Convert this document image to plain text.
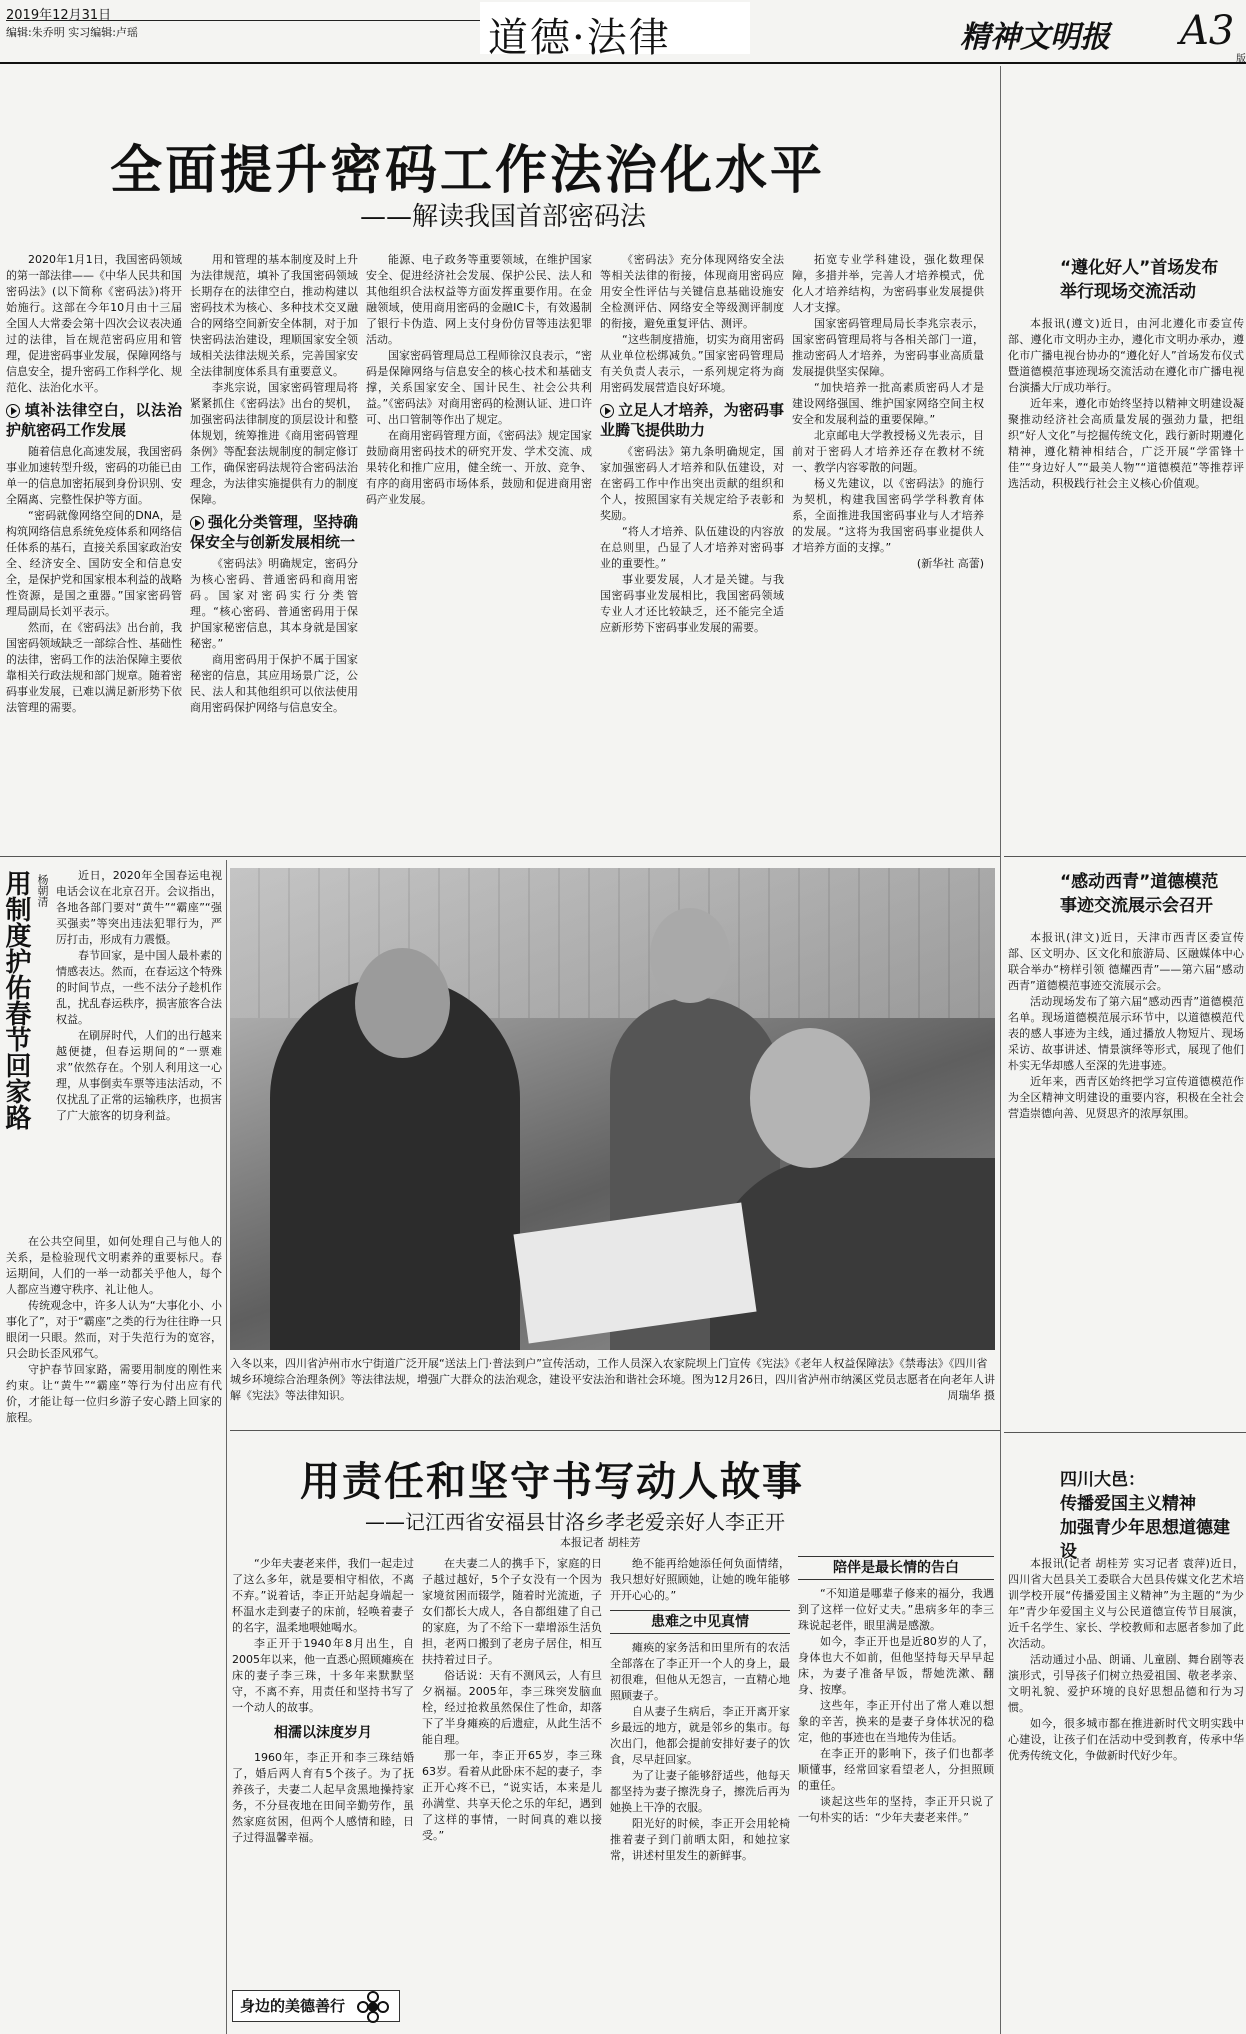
2019年12月31日
编辑:朱乔明 实习编辑:卢瑶	道德·法律	精神文明报 A3
版
全面提升密码工作法治化水平
——解读我国首部密码法

2020年1月1日，我国密码领域的第一部法律——《中华人民共和国密码法》(以下简称《密码法》)将开始施行。这部在今年10月由十三届全国人大常委会第十四次会议表决通过的法律，旨在规范密码应用和管理，促进密码事业发展，保障网络与信息安全，提升密码工作科学化、规范化、法治化水平。

填补法律空白，以法治护航密码工作发展

随着信息化高速发展，我国密码事业加速转型升级，密码的功能已由单一的信息加密拓展到身份识别、安全隔离、完整性保护等方面。

“密码就像网络空间的DNA，是构筑网络信息系统免疫体系和网络信任体系的基石，直接关系国家政治安全、经济安全、国防安全和信息安全，是保护党和国家根本利益的战略性资源，是国之重器。”国家密码管理局副局长刘平表示。

然而，在《密码法》出台前，我国密码领域缺乏一部综合性、基础性的法律，密码工作的法治保障主要依靠相关行政法规和部门规章。随着密码事业发展，已难以满足新形势下依法管理的需要。

用和管理的基本制度及时上升为法律规范，填补了我国密码领域长期存在的法律空白，推动构建以密码技术为核心、多种技术交叉融合的网络空间新安全体制，对于加快密码法治建设，理顺国家安全领域相关法律法规关系，完善国家安全法律制度体系具有重要意义。

李兆宗说，国家密码管理局将紧紧抓住《密码法》出台的契机，加强密码法律制度的顶层设计和整体规划，统筹推进《商用密码管理条例》等配套法规制度的制定修订工作，确保密码法规符合密码法治理念，为法律实施提供有力的制度保障。

强化分类管理，坚持确保安全与创新发展相统一

《密码法》明确规定，密码分为核心密码、普通密码和商用密码。国家对密码实行分类管理。“核心密码、普通密码用于保护国家秘密信息，其本身就是国家秘密。”

商用密码用于保护不属于国家秘密的信息，其应用场景广泛，公民、法人和其他组织可以依法使用商用密码保护网络与信息安全。

能源、电子政务等重要领域，在维护国家安全、促进经济社会发展、保护公民、法人和其他组织合法权益等方面发挥重要作用。在金融领域，使用商用密码的金融IC卡，有效遏制了银行卡伪造、网上支付身份仿冒等违法犯罪活动。

国家密码管理局总工程师徐汉良表示，“密码是保障网络与信息安全的核心技术和基础支撑，关系国家安全、国计民生、社会公共利益。”《密码法》对商用密码的检测认证、进口许可、出口管制等作出了规定。

在商用密码管理方面，《密码法》规定国家鼓励商用密码技术的研究开发、学术交流、成果转化和推广应用，健全统一、开放、竞争、有序的商用密码市场体系，鼓励和促进商用密码产业发展。

《密码法》充分体现网络安全法等相关法律的衔接，体现商用密码应用安全性评估与关键信息基础设施安全检测评估、网络安全等级测评制度的衔接，避免重复评估、测评。

“这些制度措施，切实为商用密码从业单位松绑减负。”国家密码管理局有关负责人表示，一系列规定将为商用密码发展营造良好环境。

立足人才培养，为密码事业腾飞提供助力

《密码法》第九条明确规定，国家加强密码人才培养和队伍建设，对在密码工作中作出突出贡献的组织和个人，按照国家有关规定给予表彰和奖励。

“将人才培养、队伍建设的内容放在总则里，凸显了人才培养对密码事业的重要性。”

事业要发展，人才是关键。与我国密码事业发展相比，我国密码领域专业人才还比较缺乏，还不能完全适应新形势下密码事业发展的需要。

拓宽专业学科建设，强化数理保障，多措并举，完善人才培养模式，优化人才培养结构，为密码事业发展提供人才支撑。

国家密码管理局局长李兆宗表示，国家密码管理局将与各相关部门一道，推动密码人才培养，为密码事业高质量发展提供坚实保障。

“加快培养一批高素质密码人才是建设网络强国、维护国家网络空间主权安全和发展利益的重要保障。”

北京邮电大学教授杨义先表示，目前对于密码人才培养还存在教材不统一、教学内容零散的问题。

杨义先建议，以《密码法》的施行为契机，构建我国密码学学科教育体系，全面推进我国密码事业与人才培养的发展。“这将为我国密码事业提供人才培养方面的支撑。”

(新华社 高蕾)

用制度护佑春节回家路 杨朝清	近日，2020年全国春运电视电话会议在北京召开。会议指出，各地各部门要对“黄牛”“霸座”“强买强卖”等突出违法犯罪行为，严厉打击，形成有力震慑。

春节回家，是中国人最朴素的情感表达。然而，在春运这个特殊的时间节点，一些不法分子趁机作乱，扰乱春运秩序，损害旅客合法权益。

在刷屏时代，人们的出行越来越便捷，但春运期间的“一票难求”依然存在。个别人利用这一心理，从事倒卖车票等违法活动，不仅扰乱了正常的运输秩序，也损害了广大旅客的切身利益。

在公共空间里，如何处理自己与他人的关系，是检验现代文明素养的重要标尺。春运期间，人们的一举一动都关乎他人，每个人都应当遵守秩序、礼让他人。

传统观念中，许多人认为“大事化小、小事化了”，对于“霸座”之类的行为往往睁一只眼闭一只眼。然而，对于失范行为的宽容，只会助长歪风邪气。

守护春节回家路，需要用制度的刚性来约束。让“黄牛”“霸座”等行为付出应有代价，才能让每一位归乡游子安心踏上回家的旅程。

入冬以来，四川省泸州市水宁街道广泛开展“送法上门·普法到户”宣传活动，工作人员深入农家院坝上门宣传《宪法》《老年人权益保障法》《禁毒法》《四川省城乡环境综合治理条例》等法律法规，增强广大群众的法治观念，建设平安法治和谐社会环境。图为12月26日，四川省泸州市纳溪区党员志愿者在向老年人讲解《宪法》等法律知识。	周瑞华 摄
用责任和坚守书写动人故事
——记江西省安福县甘洛乡孝老爱亲好人李正开
本报记者 胡桂芳

“少年夫妻老来伴，我们一起走过了这么多年，就是要相守相依，不离不弃。”说着话，李正开站起身端起一杯温水走到妻子的床前，轻唤着妻子的名字，温柔地喂她喝水。

李正开于1940年8月出生，自2005年以来，他一直悉心照顾瘫痪在床的妻子李三珠，十多年来默默坚守，不离不弃，用责任和坚持书写了一个动人的故事。

相濡以沫度岁月

1960年，李正开和李三珠结婚了，婚后两人育有5个孩子。为了抚养孩子，夫妻二人起早贪黑地操持家务，不分昼夜地在田间辛勤劳作，虽然家庭贫困，但两个人感情和睦，日子过得温馨幸福。

在夫妻二人的携手下，家庭的日子越过越好，5个子女没有一个因为家境贫困而辍学，随着时光流逝，子女们都长大成人，各自都组建了自己的家庭，为了不给下一辈增添生活负担，老两口搬到了老房子居住，相互扶持着过日子。

俗话说：天有不测风云，人有旦夕祸福。2005年，李三珠突发脑血栓，经过抢救虽然保住了性命，却落下了半身瘫痪的后遗症，从此生活不能自理。

那一年，李正开65岁，李三珠63岁。看着从此卧床不起的妻子，李正开心疼不已，“说实话，本来是儿孙满堂、共享天伦之乐的年纪，遇到了这样的事情，一时间真的难以接受。”

绝不能再给她添任何负面情绪，我只想好好照顾她，让她的晚年能够开开心心的。”

患难之中见真情

瘫痪的家务活和田里所有的农活全部落在了李正开一个人的身上，最初很难，但他从无怨言，一直精心地照顾妻子。

自从妻子生病后，李正开离开家乡最远的地方，就是邻乡的集市。每次出门，他都会提前安排好妻子的饮食，尽早赶回家。

为了让妻子能够舒适些，他每天都坚持为妻子擦洗身子，擦洗后再为她换上干净的衣服。

阳光好的时候，李正开会用轮椅推着妻子到门前晒太阳，和她拉家常，讲述村里发生的新鲜事。

陪伴是最长情的告白

“不知道是哪辈子修来的福分，我遇到了这样一位好丈夫。”患病多年的李三珠说起老伴，眼里满是感激。

如今，李正开也是近80岁的人了，身体也大不如前，但他坚持每天早早起床，为妻子准备早饭，帮她洗漱、翻身、按摩。

这些年，李正开付出了常人难以想象的辛苦，换来的是妻子身体状况的稳定，他的事迹也在当地传为佳话。

在李正开的影响下，孩子们也都孝顺懂事，经常回家看望老人，分担照顾的重任。

谈起这些年的坚持，李正开只说了一句朴实的话：“少年夫妻老来伴。”

身边的美德善行
“遵化好人”首场发布
举行现场交流活动

本报讯(遵文)近日，由河北遵化市委宣传部、遵化市文明办主办，遵化市文明办承办，遵化市广播电视台协办的“遵化好人”首场发布仪式暨道德模范事迹现场交流活动在遵化市广播电视台演播大厅成功举行。

近年来，遵化市始终坚持以精神文明建设凝聚推动经济社会高质量发展的强劲力量，把组织“好人文化”与挖掘传统文化，践行新时期遵化精神，遵化精神相结合，广泛开展“学雷锋十佳”“身边好人”“最美人物”“道德模范”等推荐评选活动，积极践行社会主义核心价值观。

“感动西青”道德模范
事迹交流展示会召开

本报讯(津文)近日，天津市西青区委宣传部、区文明办、区文化和旅游局、区融媒体中心联合举办“榜样引领 德耀西青”——第六届“感动西青”道德模范事迹交流展示会。

活动现场发布了第六届“感动西青”道德模范名单。现场道德模范展示环节中，以道德模范代表的感人事迹为主线，通过播放人物短片、现场采访、故事讲述、情景演绎等形式，展现了他们朴实无华却感人至深的先进事迹。

近年来，西青区始终把学习宣传道德模范作为全区精神文明建设的重要内容，积极在全社会营造崇德向善、见贤思齐的浓厚氛围。

四川大邑：
传播爱国主义精神
加强青少年思想道德建设

本报讯(记者 胡桂芳 实习记者 袁萍)近日，四川省大邑县关工委联合大邑县传媒文化艺术培训学校开展“传播爱国主义精神”为主题的“为少年”青少年爱国主义与公民道德宣传节目展演，近千名学生、家长、学校教师和志愿者参加了此次活动。

活动通过小品、朗诵、儿童剧、舞台剧等表演形式，引导孩子们树立热爱祖国、敬老孝亲、文明礼貌、爱护环境的良好思想品德和行为习惯。

如今，很多城市都在推进新时代文明实践中心建设，让孩子们在活动中受到教育，传承中华优秀传统文化，争做新时代好少年。
